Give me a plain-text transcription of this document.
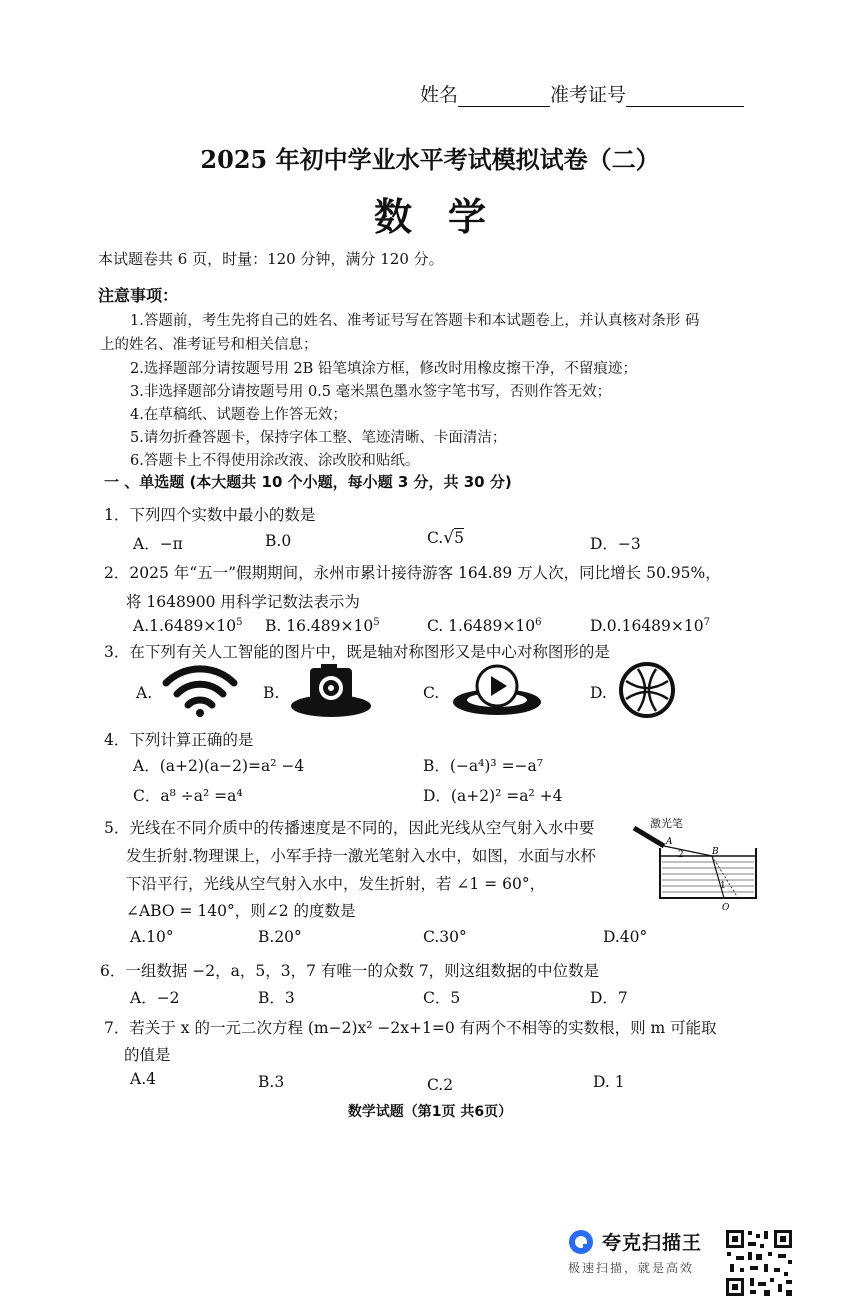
姓名	准考证号
2025 年初中学业水平考试模拟试卷（二）
数学
本试题卷共 6 页，时量：120 分钟，满分 120 分。
注意事项：
1.答题前，考生先将自己的姓名、准考证号写在答题卡和本试题卷上，并认真核对条形 码
上的姓名、准考证号和相关信息；
2.选择题部分请按题号用 2B 铅笔填涂方框，修改时用橡皮擦干净，不留痕迹；
3.非选择题部分请按题号用 0.5 毫米黑色墨水签字笔书写，否则作答无效；
4.在草稿纸、试题卷上作答无效；
5.请勿折叠答题卡，保持字体工整、笔迹清晰、卡面清洁；
6.答题卡上不得使用涂改液、涂改胶和贴纸。
一 、单选题 (本大题共 10 个小题，每小题 3 分，共 30 分)
1．下列四个实数中最小的数是
A．−π	B.0	C.√5	D．−3
2．2025 年“五一”假期期间，永州市累计接待游客 164.89 万人次，同比增长 50.95%，
将 1648900 用科学记数法表示为
$A.1.6489\times 10^5$ B. $16.489\times 10^5$	C. $1.6489\times 10^6$	$D.0.16489\times 10^7$
3．在下列有关人工智能的图片中，既是轴对称图形又是中心对称图形的是
A.	B.	C.	D.
4．下列计算正确的是
A．(a+2)(a−2)=a² −4	B．(−a⁴)³ =−a⁷
C．a⁸ ÷a² =a⁴	D．(a+2)² =a² +4
5．光线在不同介质中的传播速度是不同的，因此光线从空气射入水中要
发生折射.物理课上，小军手持一激光笔射入水中，如图，水面与水杯
下沿平行，光线从空气射入水中，发生折射，若 ∠1 = 60°，
∠ABO = 140°，则∠2 的度数是
激光笔
A
2	B
1
O
A.10°	B.20°	C.30°	D.40°
6．一组数据 −2，a，5，3，7 有唯一的众数 7，则这组数据的中位数是
A．−2	B．3	C．5	D．7
7．若关于 x 的一元二次方程 (m−2)x² −2x+1=0 有两个不相等的实数根，则 m 可能取
的值是
A.4	B.3	C.2	D. 1
数学试题（第1页 共6页）
夸克扫描王
极速扫描，就是高效
